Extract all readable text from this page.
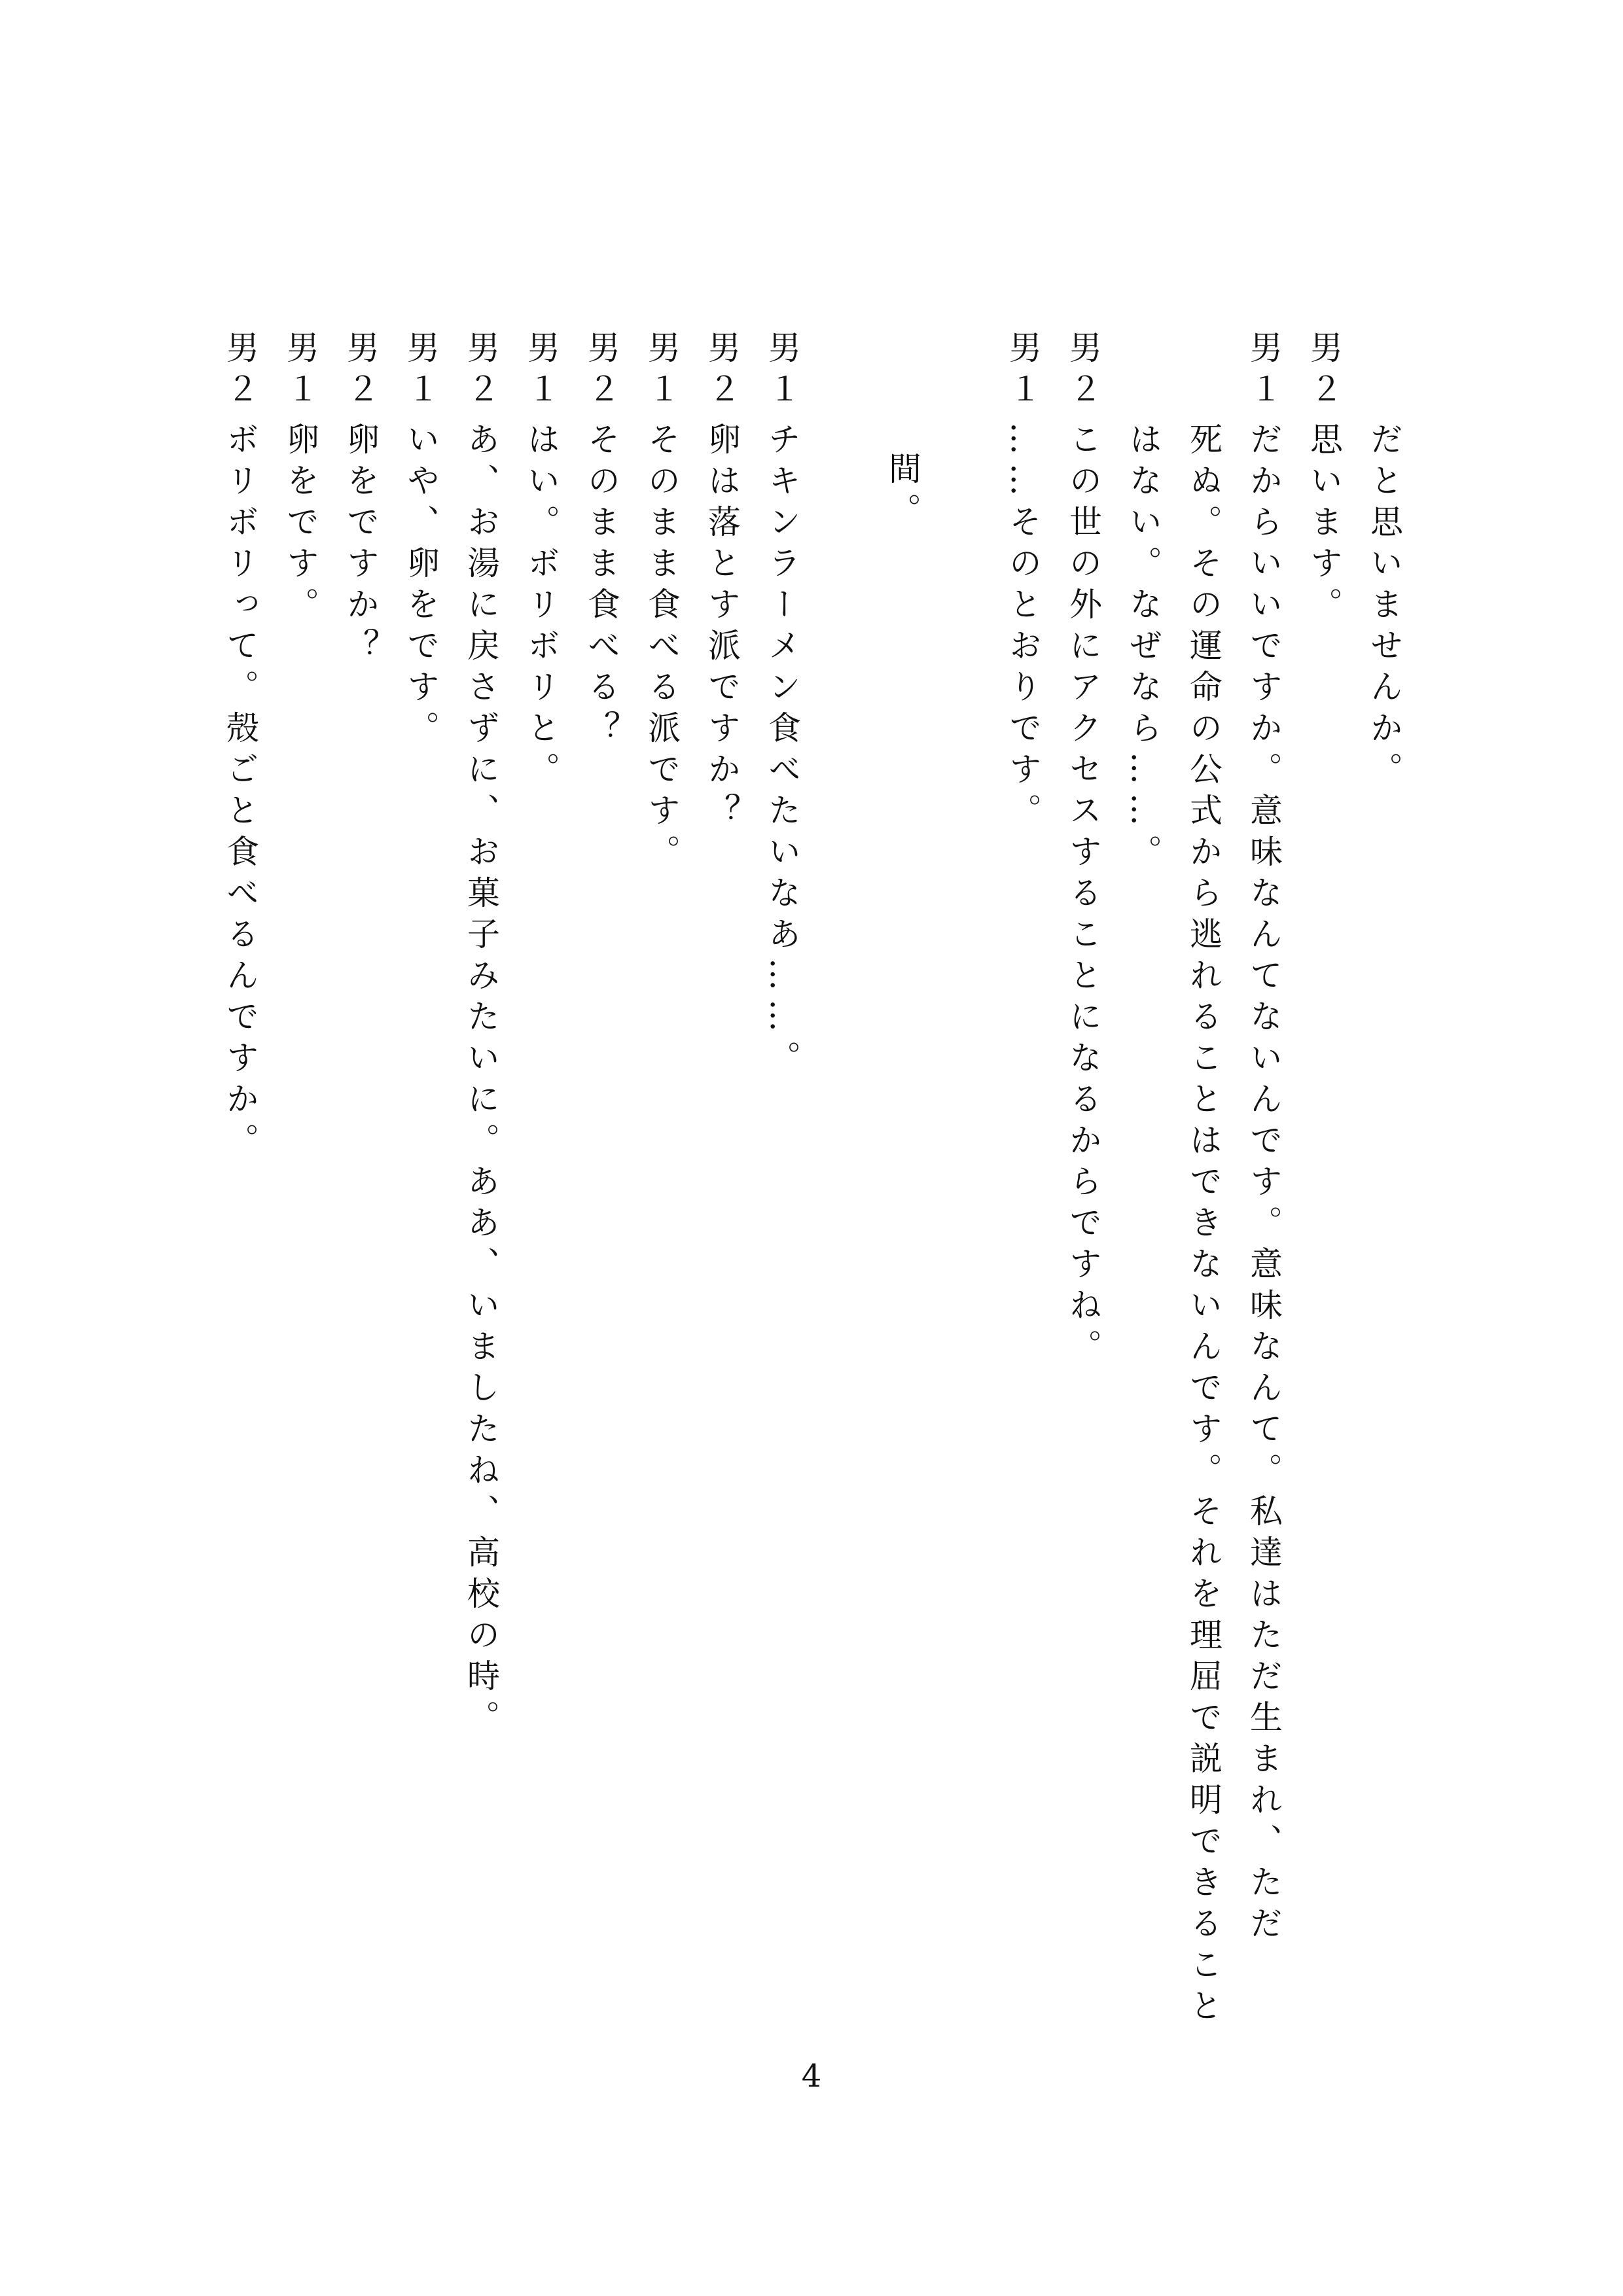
だと思いませんか。
男２思います。
男１だからいいですか。意味なんてないんです。意味なんて。私達はただ生まれ、ただ
死ぬ。その運命の公式から逃れることはできないんです。それを理屈で説明できること
はない。なぜなら……。
男２この世の外にアクセスすることになるからですね。
男１……そのとおりです。
間。
男１チキンラーメン食べたいなあ……。
男２卵は落とす派ですか？
男１そのまま食べる派です。
男２そのまま食べる？
男１はい。ボリボリと。
男２あ、お湯に戻さずに、お菓子みたいに。ああ、いましたね、高校の時。
男１いや、卵をです。
男２卵をですか？
男１卵をです。
男２ボリボリって。殻ごと食べるんですか。
4
